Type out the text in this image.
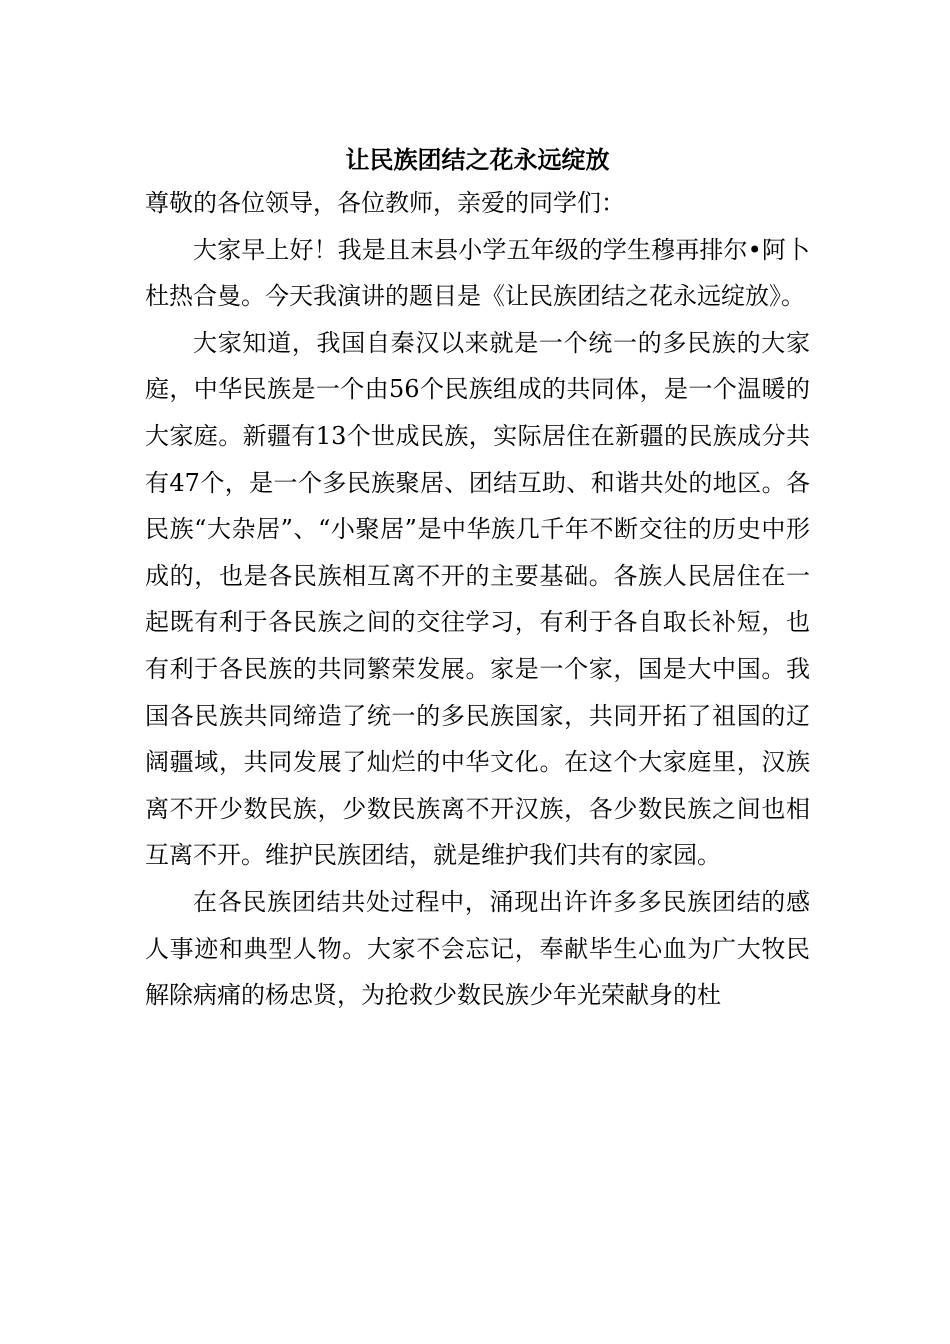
让民族团结之花永远绽放

尊敬的各位领导，各位教师，亲爱的同学们：

大家早上好！我是且末县小学五年级的学生穆再排尔•阿卜杜热合曼。今天我演讲的题目是《让民族团结之花永远绽放》。

大家知道，我国自秦汉以来就是一个统一的多民族的大家庭，中华民族是一个由56个民族组成的共同体，是一个温暖的大家庭。新疆有13个世成民族，实际居住在新疆的民族成分共有47个，是一个多民族聚居、团结互助、和谐共处的地区。各民族“大杂居”、“小聚居”是中华族几千年不断交往的历史中形成的，也是各民族相互离不开的主要基础。各族人民居住在一起既有利于各民族之间的交往学习，有利于各自取长补短，也有利于各民族的共同繁荣发展。家是一个家，国是大中国。我国各民族共同缔造了统一的多民族国家，共同开拓了祖国的辽阔疆域，共同发展了灿烂的中华文化。在这个大家庭里，汉族离不开少数民族，少数民族离不开汉族，各少数民族之间也相互离不开。维护民族团结，就是维护我们共有的家园。

在各民族团结共处过程中，涌现出许许多多民族团结的感人事迹和典型人物。大家不会忘记，奉献毕生心血为广大牧民解除病痛的杨忠贤，为抢救少数民族少年光荣献身的杜
